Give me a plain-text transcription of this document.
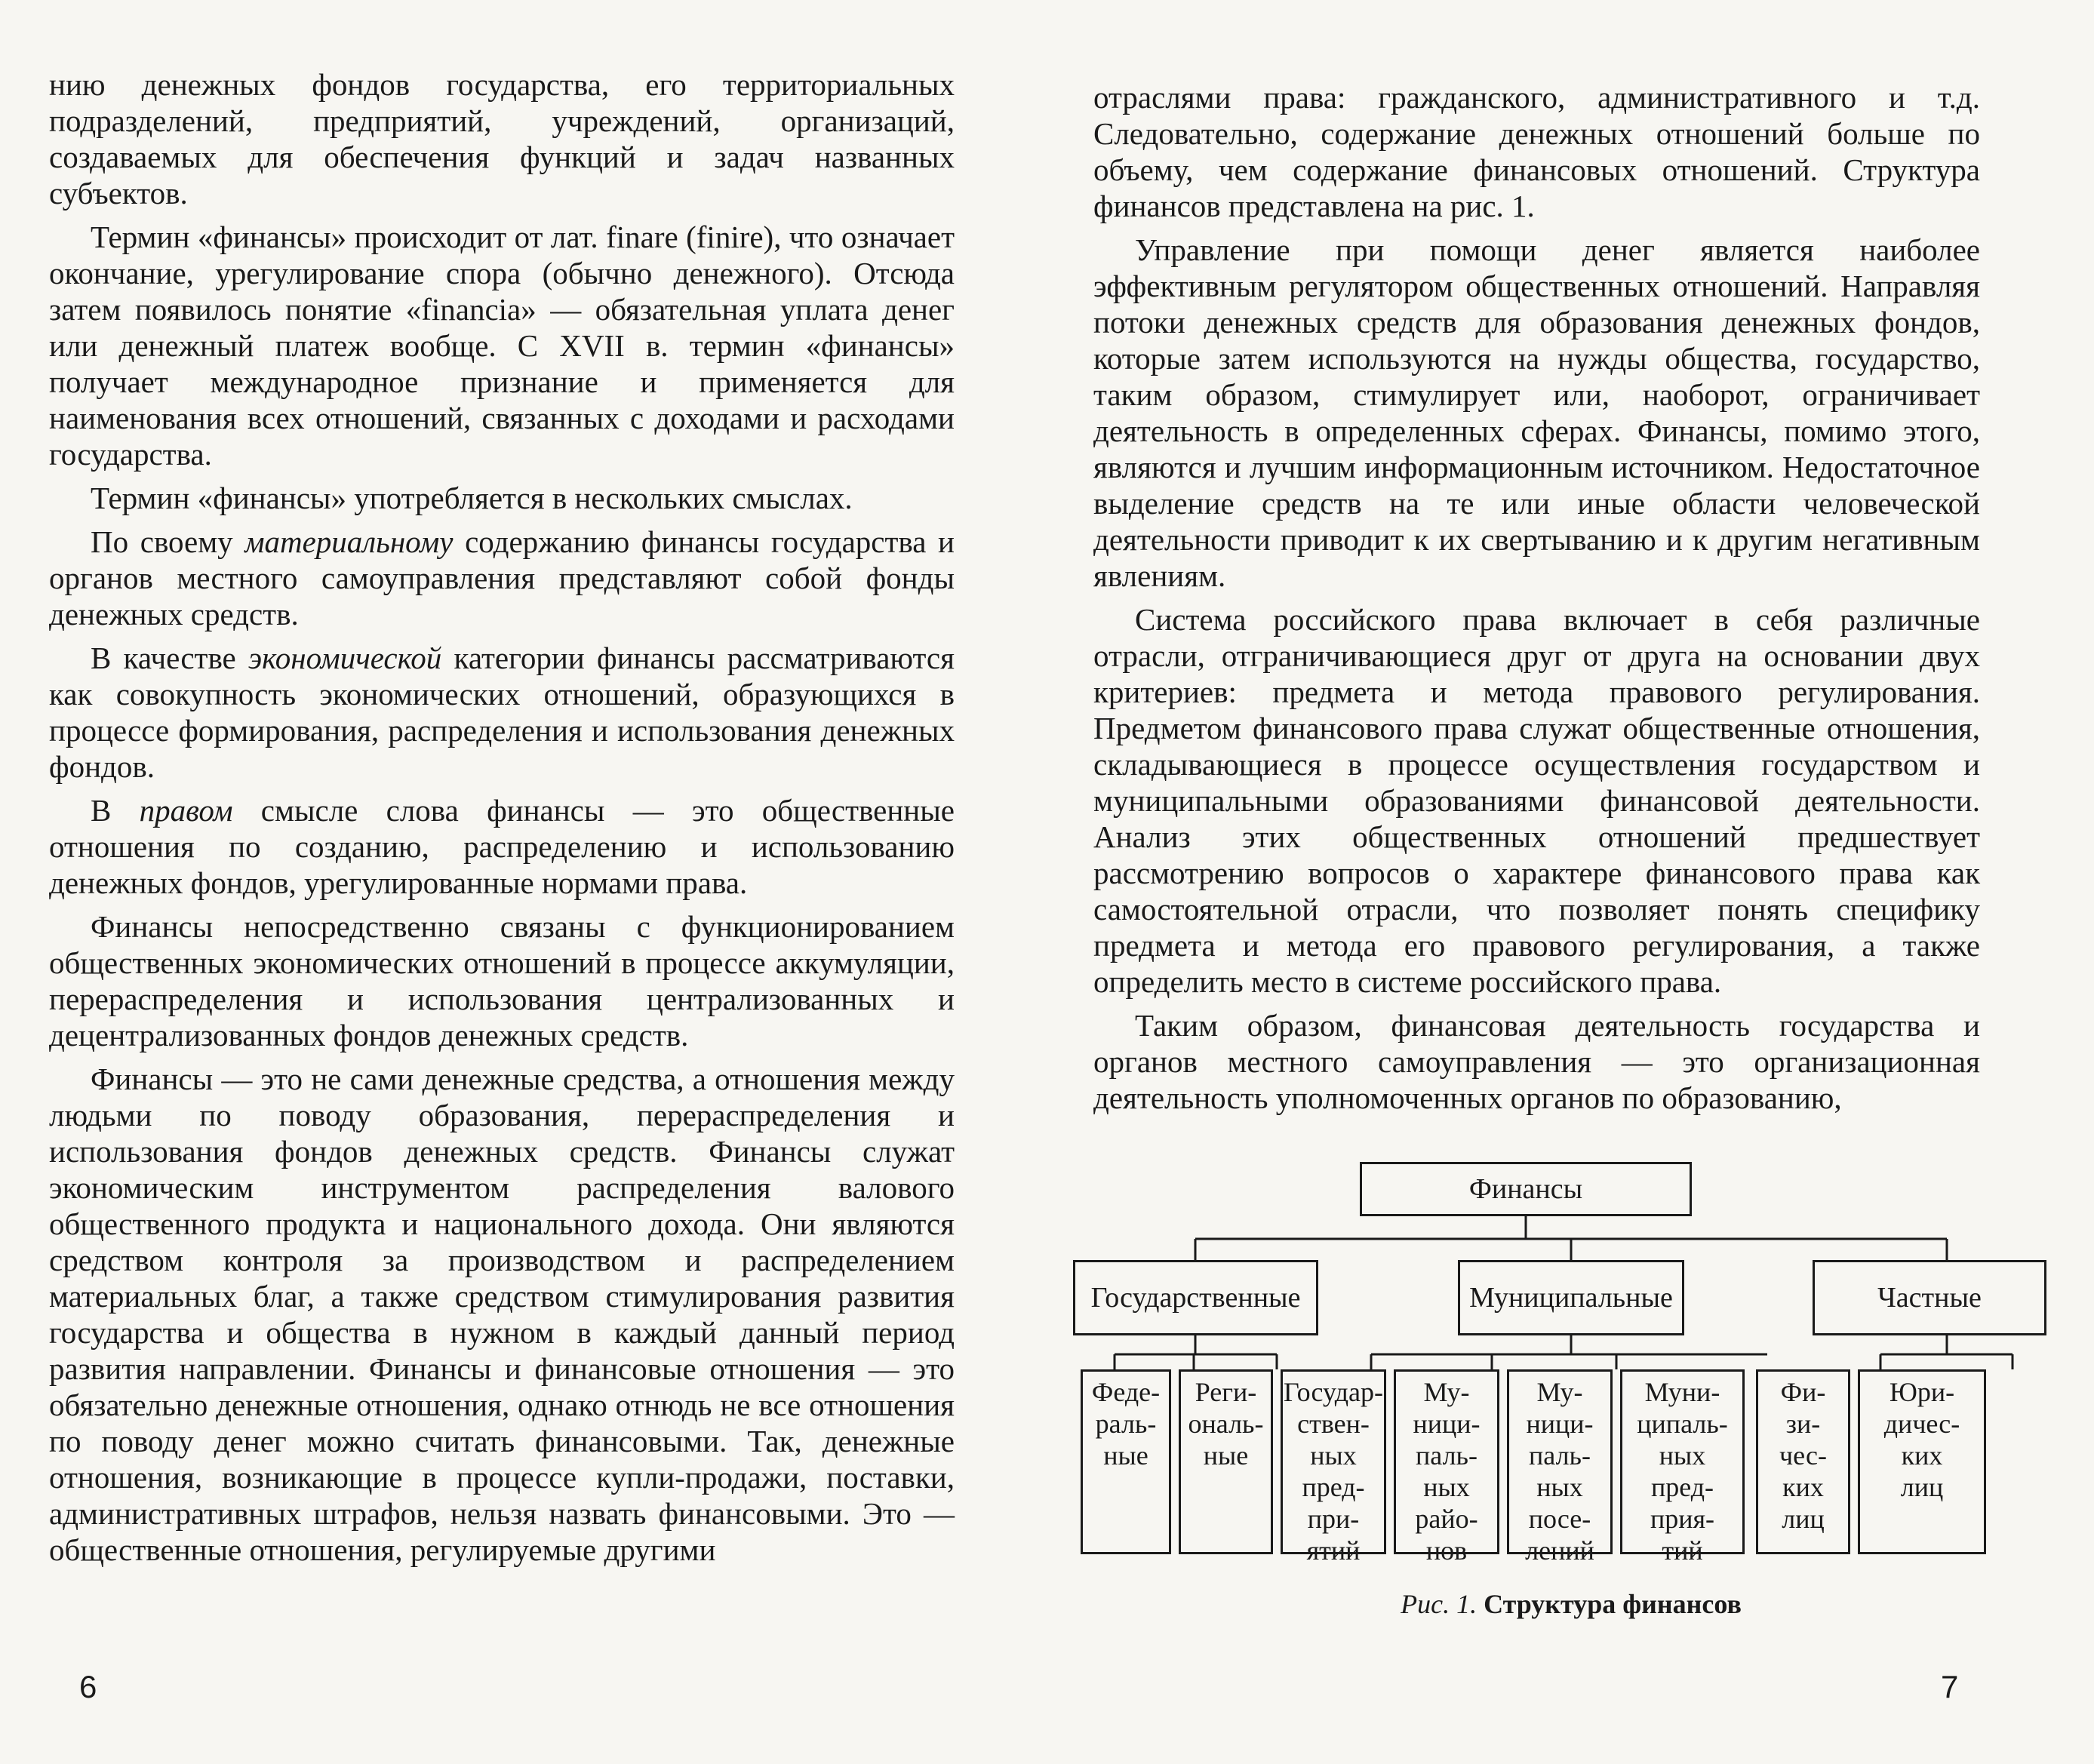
нию денежных фондов государства, его территориальных подразделений, предприятий, учреждений, организаций, создаваемых для обеспечения функций и задач названных субъектов.

Термин «финансы» происходит от лат. finare (finire), что означает окончание, урегулирование спора (обычно денежного). Отсюда затем появилось понятие «financia» — обязательная уплата денег или денежный платеж вообще. С XVII в. термин «финансы» получает международное признание и применяется для наименования всех отношений, связанных с доходами и расходами государства.

Термин «финансы» употребляется в нескольких смыслах.

По своему материальному содержанию финансы государства и органов местного самоуправления представляют собой фонды денежных средств.

В качестве экономической категории финансы рассматриваются как совокупность экономических отношений, образующихся в процессе формирования, распределения и использования денежных фондов.

В правом смысле слова финансы — это общественные отношения по созданию, распределению и использованию денежных фондов, урегулированные нормами права.

Финансы непосредственно связаны с функционированием общественных экономических отношений в процессе аккумуляции, перераспределения и использования централизованных и децентрализованных фондов денежных средств.

Финансы — это не сами денежные средства, а отношения между людьми по поводу образования, перераспределения и использования фондов денежных средств. Финансы служат экономическим инструментом распределения валового общественного продукта и национального дохода. Они являются средством контроля за производством и распределением материальных благ, а также средством стимулирования развития государства и общества в нужном в каждый данный период развития направлении. Финансы и финансовые отношения — это обязательно денежные отношения, однако отнюдь не все отношения по поводу денег можно считать финансовыми. Так, денежные отношения, возникающие в процессе купли-продажи, поставки, административных штрафов, нельзя назвать финансовыми. Это — общественные отношения, регулируемые другими

6

отраслями права: гражданского, административного и т.д. Следовательно, содержание денежных отношений больше по объему, чем содержание финансовых отношений. Структура финансов представлена на рис. 1.

Управление при помощи денег является наиболее эффективным регулятором общественных отношений. Направляя потоки денежных средств для образования денежных фондов, которые затем используются на нужды общества, государство, таким образом, стимулирует или, наоборот, ограничивает деятельность в определенных сферах. Финансы, помимо этого, являются и лучшим информационным источником. Недостаточное выделение средств на те или иные области человеческой деятельности приводит к их свертыванию и к другим негативным явлениям.

Система российского права включает в себя различные отрасли, отграничивающиеся друг от друга на основании двух критериев: предмета и метода правового регулирования. Предметом финансового права служат общественные отношения, складывающиеся в процессе осуществления государством и муниципальными образованиями финансовой деятельности. Анализ этих общественных отношений предшествует рассмотрению вопросов о характере финансового права как самостоятельной отрасли, что позволяет понять специфику предмета и метода его правового регулирования, а также определить место в системе российского права.

Таким образом, финансовая деятельность государства и органов местного самоуправления — это организационная деятельность уполномоченных органов по образованию,

Финансы
Государственные	Муниципальные	Частные
Феде-
раль-
ные
Реги-
ональ-
ные
Государ-
ствен-
ных
пред-
при-
ятий
Му-
ници-
паль-
ных
райо-
нов
Му-
ници-
паль-
ных
посе-
лений
Муни-
ципаль-
ных
пред-
прия-
тий
Фи-
зи-
чес-
ких
лиц
Юри-
дичес-
ких
лиц
Рис. 1. Структура финансов
7
